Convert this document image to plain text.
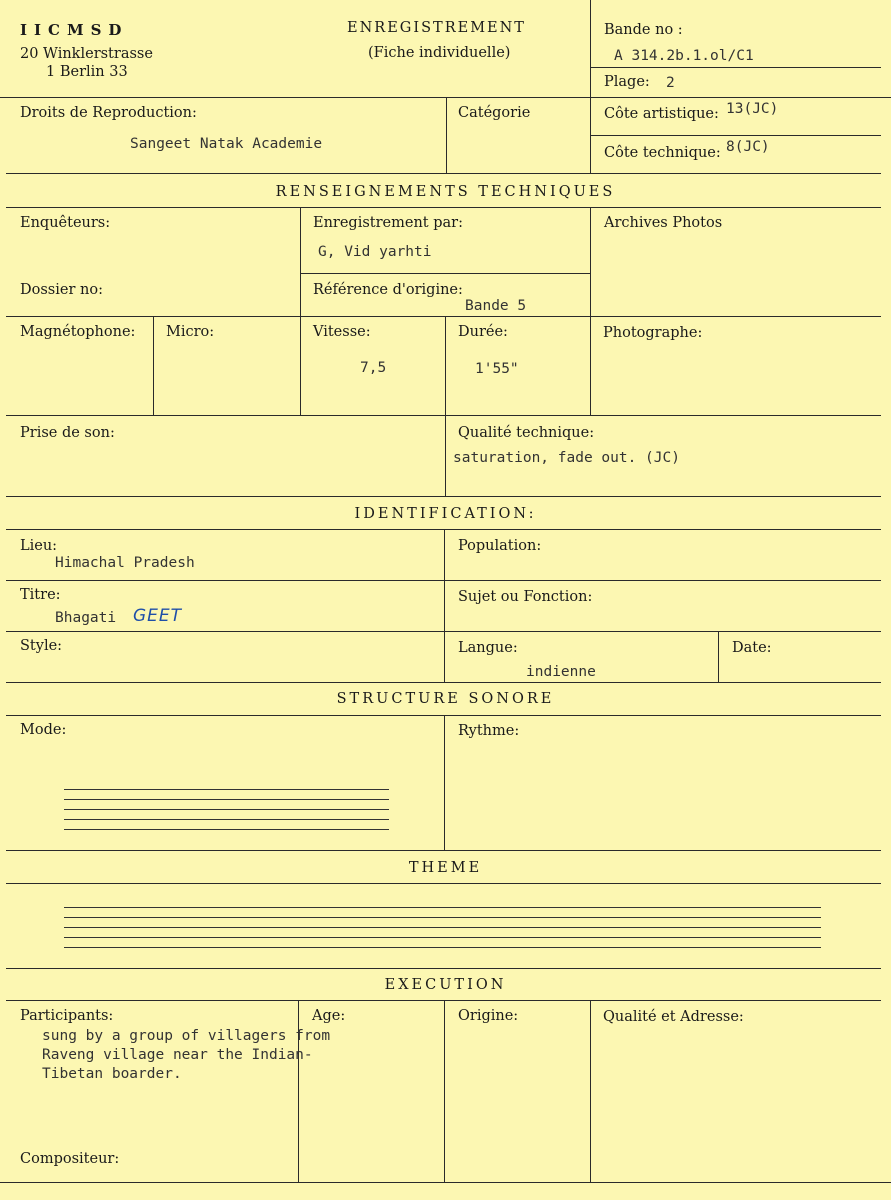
IICMSD
20 Winklerstrasse
1 Berlin 33
ENREGISTREMENT
(Fiche individuelle)
Bande no :
A 314.2b.1.ol/C1
Plage: 2
Droits de Reproduction:
Sangeet Natak Academie
Catégorie	Côte artistique: 13(JC)
Côte technique: 8(JC)
RENSEIGNEMENTS TECHNIQUES
Enquêteurs:	Enregistrement par:
G, Vid yarhti
Archives Photos
Dossier no:	Référence d'origine:
Bande 5
Magnétophone: Micro:	Vitesse:
7,5
Durée:
1'55"
Photographe:
Prise de son:	Qualité technique:
saturation, fade out. (JC)
IDENTIFICATION:
Lieu:
Himachal Pradesh
Population:
Titre:
Bhagati GEET
Sujet ou Fonction:
Style:	Langue:
indienne
Date:
STRUCTURE SONORE
Mode:	Rythme:
THEME
EXECUTION
Participants:
sung by a group of villagers from
Raveng village near the Indian-
Tibetan boarder.
Age:	Origine:	Qualité et Adresse:
Compositeur:
